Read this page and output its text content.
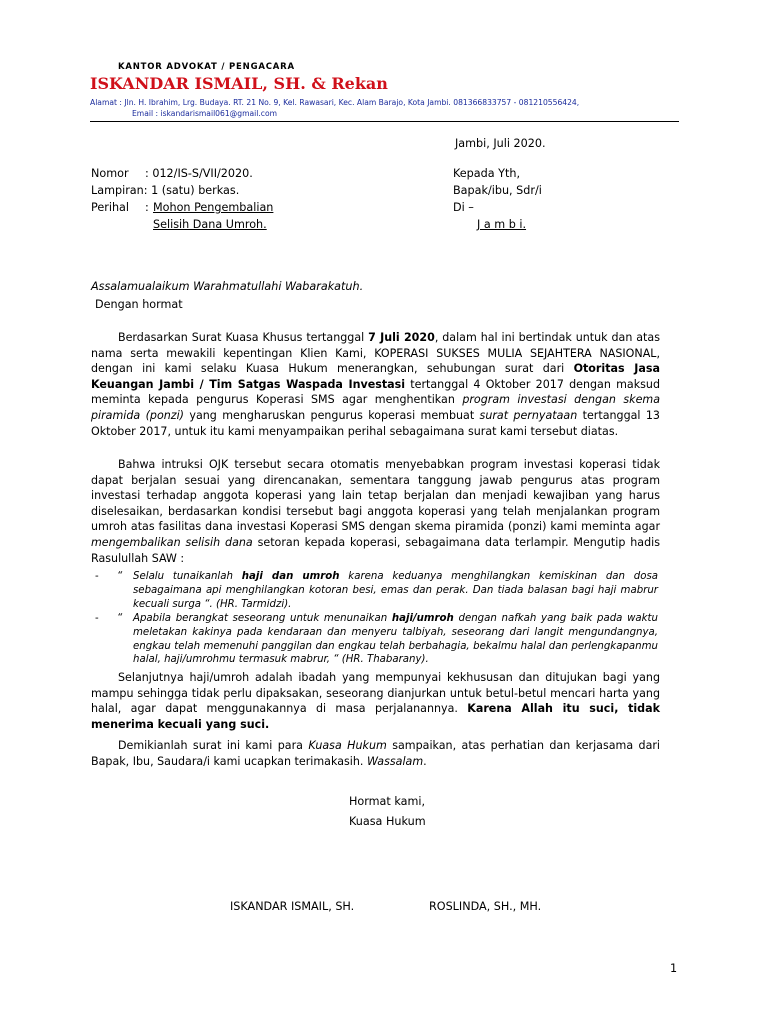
KANTOR ADVOKAT / PENGACARA
ISKANDAR ISMAIL, SH. & Rekan
Alamat : Jln. H. Ibrahim, Lrg. Budaya. RT. 21 No. 9, Kel. Rawasari, Kec. Alam Barajo, Kota Jambi. 081366833757 - 081210556424,
Email : iskandarismail061@gmail.com
Jambi, Juli 2020.
Nomor : 012/IS-S/VII/2020.
Lampiran: 1 (satu) berkas.
Perihal : Mohon Pengembalian
Selisih Dana Umroh.
Kepada Yth,
Bapak/ibu, Sdr/i
Di –
J a m b i.
Assalamualaikum Warahmatullahi Wabarakatuh.
Dengan hormat
Berdasarkan Surat Kuasa Khusus tertanggal 7 Juli 2020, dalam hal ini bertindak untuk dan atas nama serta mewakili kepentingan Klien Kami, KOPERASI SUKSES MULIA SEJAHTERA NASIONAL, dengan ini kami selaku Kuasa Hukum menerangkan, sehubungan surat dari Otoritas Jasa Keuangan Jambi / Tim Satgas Waspada Investasi tertanggal 4 Oktober 2017 dengan maksud meminta kepada pengurus Koperasi SMS agar menghentikan program investasi dengan skema piramida (ponzi) yang mengharuskan pengurus koperasi membuat surat pernyataan tertanggal 13 Oktober 2017, untuk itu kami menyampaikan perihal sebagaimana surat kami tersebut diatas.
Bahwa intruksi OJK tersebut secara otomatis menyebabkan program investasi koperasi tidak dapat berjalan sesuai yang direncanakan, sementara tanggung jawab pengurus atas program investasi terhadap anggota koperasi yang lain tetap berjalan dan menjadi kewajiban yang harus diselesaikan, berdasarkan kondisi tersebut bagi anggota koperasi yang telah menjalankan program umroh atas fasilitas dana investasi Koperasi SMS dengan skema piramida (ponzi) kami meminta agar mengembalikan selisih dana setoran kepada koperasi, sebagaimana data terlampir. Mengutip hadis Rasulullah SAW :
- “ Selalu tunaikanlah haji dan umroh karena keduanya menghilangkan kemiskinan dan dosa sebagaimana api menghilangkan kotoran besi, emas dan perak. Dan tiada balasan bagi haji mabrur kecuali surga “. (HR. Tarmidzi).
- “ Apabila berangkat seseorang untuk menunaikan haji/umroh dengan nafkah yang baik pada waktu meletakan kakinya pada kendaraan dan menyeru talbiyah, seseorang dari langit mengundangnya, engkau telah memenuhi panggilan dan engkau telah berbahagia, bekalmu halal dan perlengkapanmu halal, haji/umrohmu termasuk mabrur, “ (HR. Thabarany).
Selanjutnya haji/umroh adalah ibadah yang mempunyai kekhususan dan ditujukan bagi yang mampu sehingga tidak perlu dipaksakan, seseorang dianjurkan untuk betul-betul mencari harta yang halal, agar dapat menggunakannya di masa perjalanannya. Karena Allah itu suci, tidak menerima kecuali yang suci.
Demikianlah surat ini kami para Kuasa Hukum sampaikan, atas perhatian dan kerjasama dari Bapak, Ibu, Saudara/i kami ucapkan terimakasih. Wassalam.
Hormat kami,
Kuasa Hukum
ISKANDAR ISMAIL, SH.	ROSLINDA, SH., MH.
1
